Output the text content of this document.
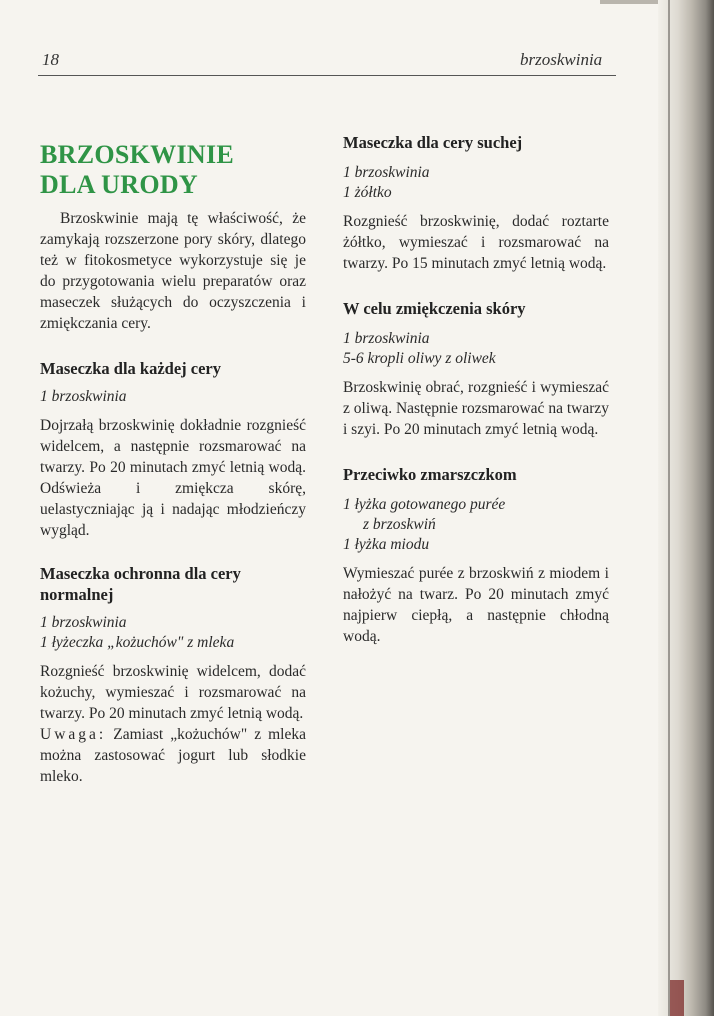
18	brzoskwinia
BRZOSKWINIE
DLA URODY

Brzoskwinie mają tę właściwość, że zamykają rozszerzone pory skóry, dlatego też w fitokosmetyce wykorzystuje się je do przygotowania wielu preparatów oraz maseczek służących do oczyszczenia i zmiękczania cery.

Maseczka dla każdej cery
1 brzoskwinia

Dojrzałą brzoskwinię dokładnie rozgnieść widelcem, a następnie rozsmarować na twarzy. Po 20 minutach zmyć letnią wodą. Odświeża i zmiękcza skórę, uelastyczniając ją i nadając młodzieńczy wygląd.

Maseczka ochronna dla cery normalnej
1 brzoskwinia
1 łyżeczka „kożuchów" z mleka

Rozgnieść brzoskwinię widelcem, dodać kożuchy, wymieszać i rozsmarować na twarzy. Po 20 minutach zmyć letnią wodą.

Uwaga: Zamiast „kożuchów" z mleka można zastosować jogurt lub słodkie mleko.

Maseczka dla cery suchej
1 brzoskwinia
1 żółtko

Rozgnieść brzoskwinię, dodać roztarte żółtko, wymieszać i rozsmarować na twarzy. Po 15 minutach zmyć letnią wodą.

W celu zmiękczenia skóry
1 brzoskwinia
5-6 kropli oliwy z oliwek

Brzoskwinię obrać, rozgnieść i wymieszać z oliwą. Następnie rozsmarować na twarzy i szyi. Po 20 minutach zmyć letnią wodą.

Przeciwko zmarszczkom
1 łyżka gotowanego purée
z brzoskwiń
1 łyżka miodu

Wymieszać purée z brzoskwiń z miodem i nałożyć na twarz. Po 20 minutach zmyć najpierw ciepłą, a następnie chłodną wodą.
